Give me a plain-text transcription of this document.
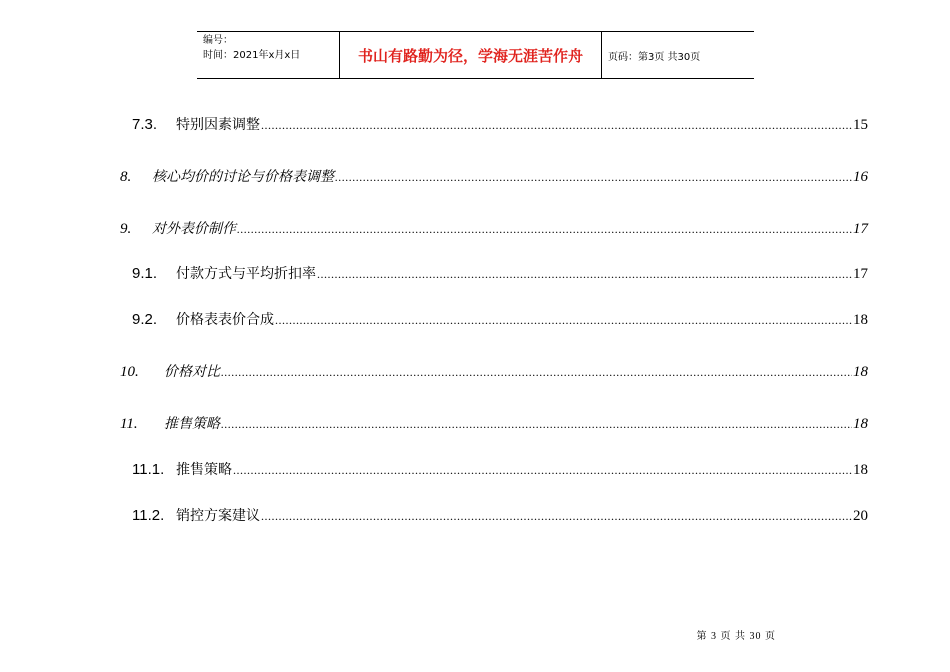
编号：
时间：2021年x月x日	书山有路勤为径，学海无涯苦作舟	页码：第3页 共30页
7.3.	特别因素调整 .....	15
8.	核心均价的讨论与价格表调整 .....	16
9.	对外表价制作 .....	17
9.1.	付款方式与平均折扣率 .....	17
9.2.	价格表表价合成 .....	18
10.	价格对比 .....	18
11.	推售策略 .....	18
11.1. 推售策略 .....	18
11.2. 销控方案建议 .....	20
第 3 页 共 30 页
